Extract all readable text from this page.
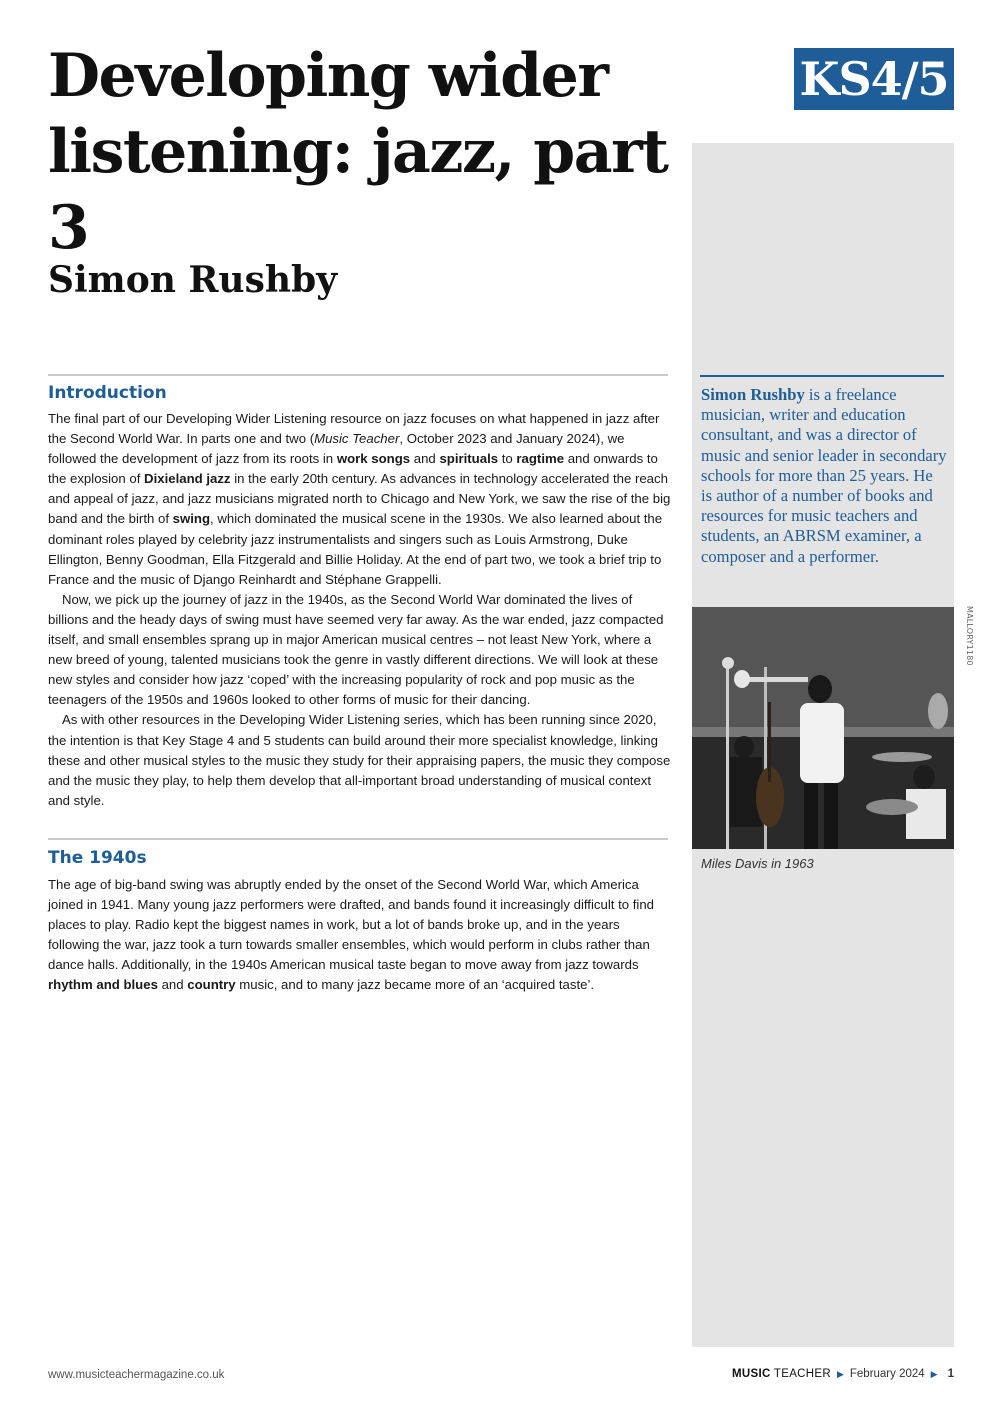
Developing wider
listening: jazz, part 3
KS4/5
Simon Rushby

Simon Rushby is a freelance musician, writer and education consultant, and was a director of music and senior leader in secondary schools for more than 25 years. He is author of a number of books and resources for music teachers and students, an ABRSM examiner, a composer and a performer.

MALLORY1180

Miles Davis in 1963

Introduction

The final part of our Developing Wider Listening resource on jazz focuses on what happened in jazz after the Second World War. In parts one and two (Music Teacher, October 2023 and January 2024), we followed the development of jazz from its roots in work songs and spirituals to ragtime and onwards to the explosion of Dixieland jazz in the early 20th century. As advances in technology accelerated the reach and appeal of jazz, and jazz musicians migrated north to Chicago and New York, we saw the rise of the big band and the birth of swing, which dominated the musical scene in the 1930s. We also learned about the dominant roles played by celebrity jazz instrumentalists and singers such as Louis Armstrong, Duke Ellington, Benny Goodman, Ella Fitzgerald and Billie Holiday. At the end of part two, we took a brief trip to France and the music of Django Reinhardt and Stéphane Grappelli.

Now, we pick up the journey of jazz in the 1940s, as the Second World War dominated the lives of billions and the heady days of swing must have seemed very far away. As the war ended, jazz compacted itself, and small ensembles sprang up in major American musical centres – not least New York, where a new breed of young, talented musicians took the genre in vastly different directions. We will look at these new styles and consider how jazz ‘coped’ with the increasing popularity of rock and pop music as the teenagers of the 1950s and 1960s looked to other forms of music for their dancing.

As with other resources in the Developing Wider Listening series, which has been running since 2020, the intention is that Key Stage 4 and 5 students can build around their more specialist knowledge, linking these and other musical styles to the music they study for their appraising papers, the music they compose and the music they play, to help them develop that all-important broad understanding of musical context and style.

The 1940s

The age of big-band swing was abruptly ended by the onset of the Second World War, which America joined in 1941. Many young jazz performers were drafted, and bands found it increasingly difficult to find places to play. Radio kept the biggest names in work, but a lot of bands broke up, and in the years following the war, jazz took a turn towards smaller ensembles, which would perform in clubs rather than dance halls. Additionally, in the 1940s American musical taste began to move away from jazz towards rhythm and blues and country music, and to many jazz became more of an ‘acquired taste’.

www.musicteachermagazine.co.uk	MUSIC TEACHER ▶ February 2024 ▶ 1
